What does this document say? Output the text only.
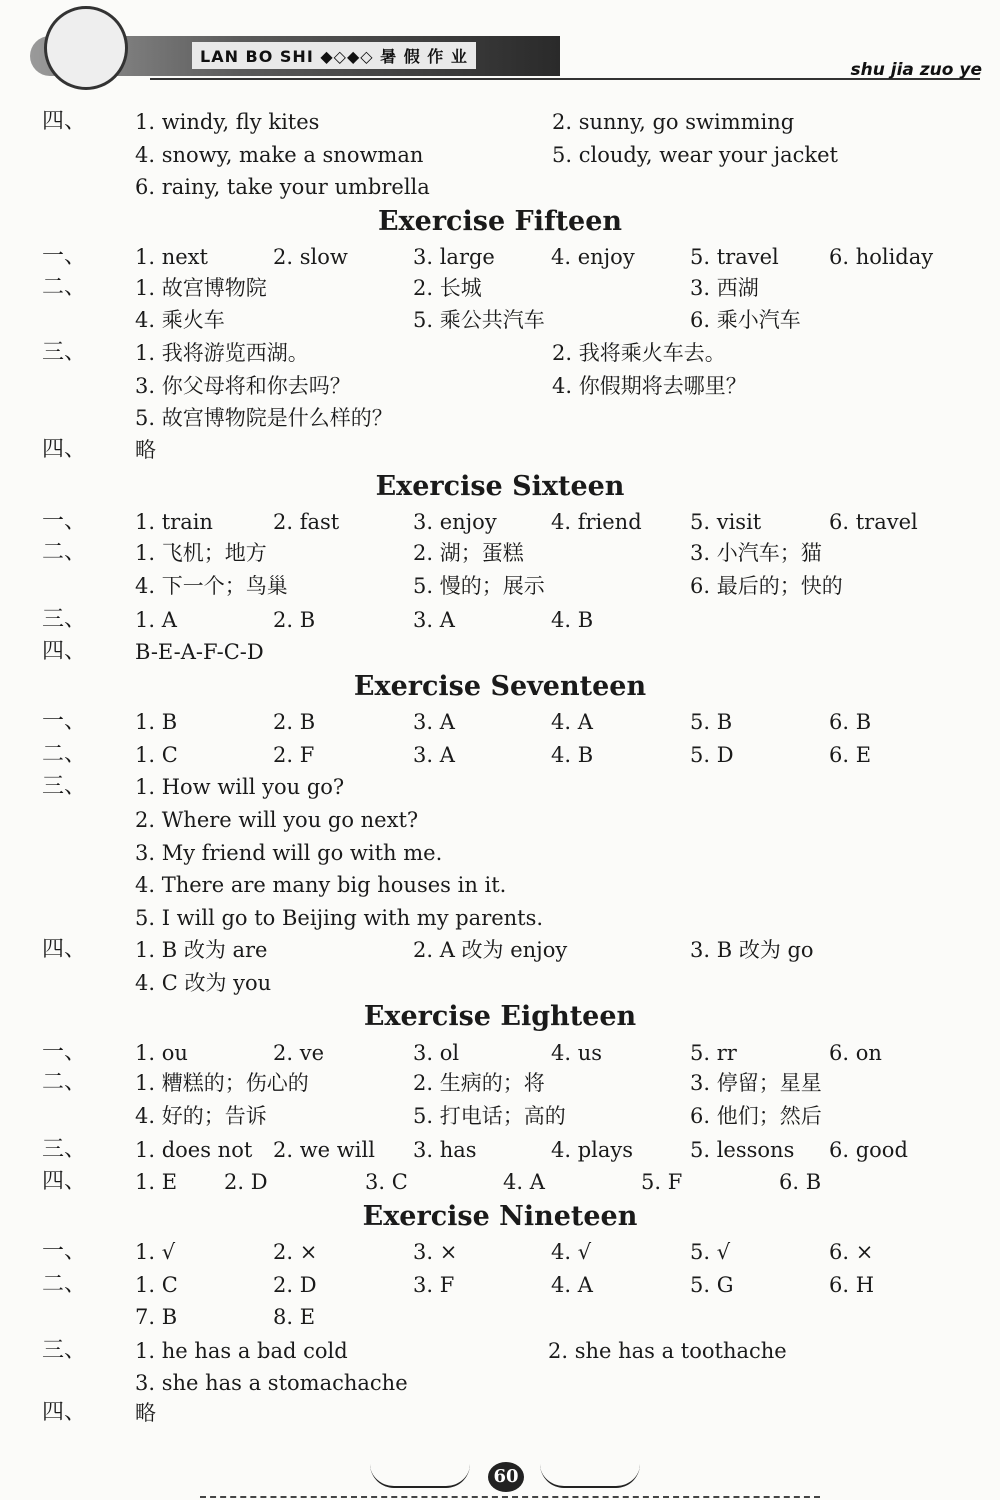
LAN BO SHI ◆◇◆◇ 暑 假 作 业
shu jia zuo ye
四、 1. windy, fly kites	2. sunny, go swimming
4. snowy, make a snowman	5. cloudy, wear your jacket
6. rainy, take your umbrella
Exercise Fifteen
一、 1. next	2. slow	3. large	4. enjoy	5. travel 6. holiday
二、 1. 故宫博物院	2. 长城	3. 西湖
4. 乘火车	5. 乘公共汽车	6. 乘小汽车
三、 1. 我将游览西湖。	2. 我将乘火车去。
3. 你父母将和你去吗？	4. 你假期将去哪里？
5. 故宫博物院是什么样的？
四、 略
Exercise Sixteen
一、 1. train	2. fast	3. enjoy	4. friend 5. visit	6. travel
二、 1. 飞机；地方	2. 湖；蛋糕	3. 小汽车；猫
4. 下一个；鸟巢	5. 慢的；展示	6. 最后的；快的
三、 1. A	2. B	3. A	4. B
四、 B-E-A-F-C-D
Exercise Seventeen
一、 1. B	2. B	3. A	4. A	5. B	6. B
二、 1. C	2. F	3. A	4. B	5. D	6. E
三、 1. How will you go?
2. Where will you go next?
3. My friend will go with me.
4. There are many big houses in it.
5. I will go to Beijing with my parents.
四、 1. B 改为 are	2. A 改为 enjoy	3. B 改为 go
4. C 改为 you
Exercise Eighteen
一、 1. ou	2. ve	3. ol	4. us	5. rr	6. on
二、 1. 糟糕的；伤心的	2. 生病的；将	3. 停留；星星
4. 好的；告诉	5. 打电话；高的	6. 他们；然后
三、 1. does not 2. we will 3. has	4. plays	5. lessons 6. good
四、 1. E 2. D	3. C	4. A	5. F	6. B
Exercise Nineteen
一、 1. √	2. ×	3. ×	4. √	5. √	6. ×
二、 1. C	2. D	3. F	4. A	5. G	6. H
7. B	8. E
三、 1. he has a bad cold	2. she has a toothache
3. she has a stomachache
四、 略
60
